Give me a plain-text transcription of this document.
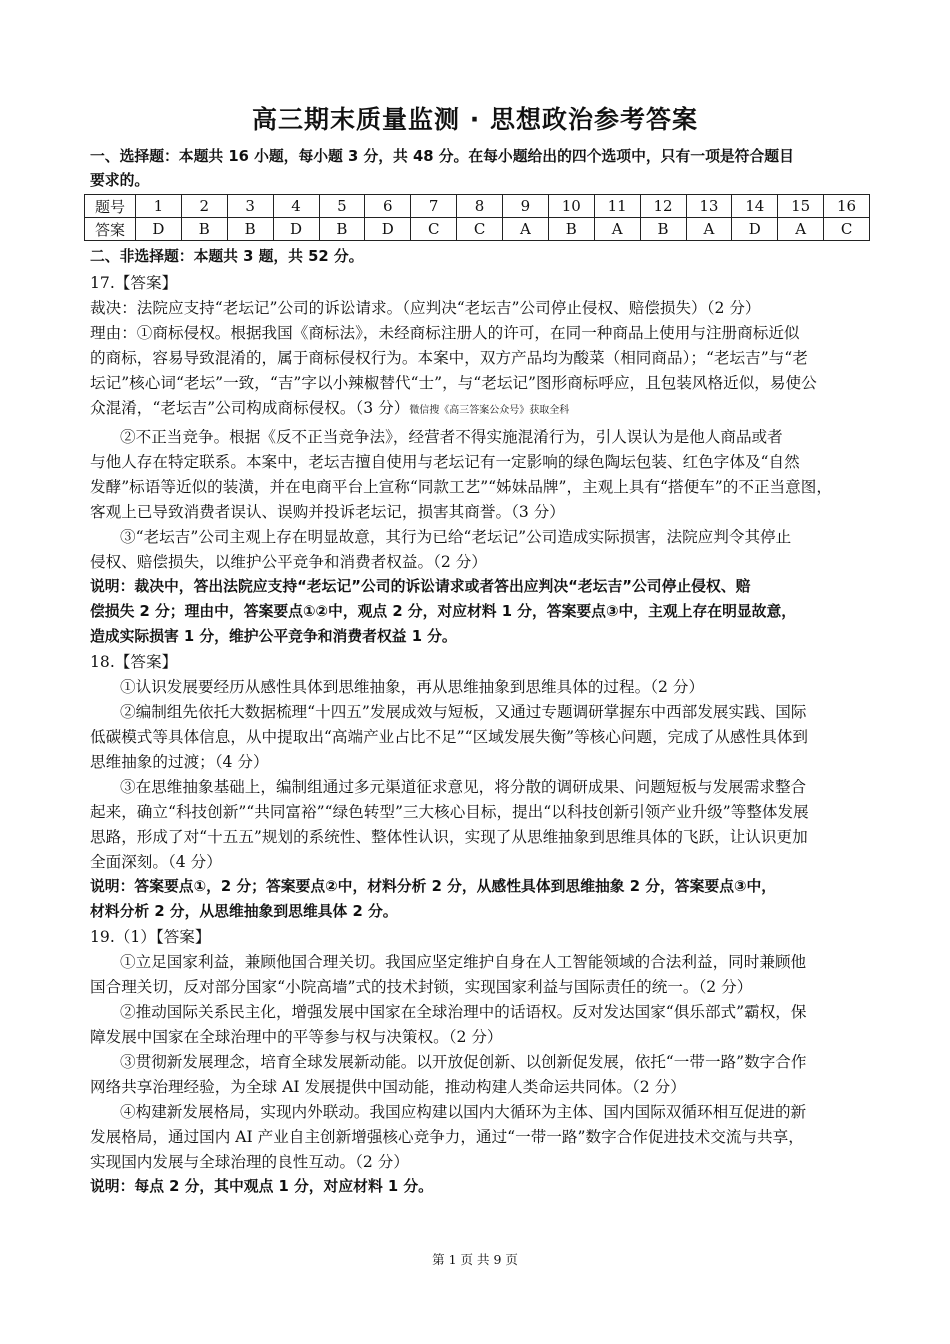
高三期末质量监测 · 思想政治参考答案
一、选择题：本题共 16 小题，每小题 3 分，共 48 分。在每小题给出的四个选项中，只有一项是符合题目
要求的。
题号	1	2	3	4	5	6	7	8	9	10	11	12	13	14	15	16
答案	D	B	B	D	B	D	C	C	A	B	A	B	A	D	A	C
二、非选择题：本题共 3 题，共 52 分。
17.【答案】
裁决：法院应支持“老坛记”公司的诉讼请求。（应判决“老坛吉”公司停止侵权、赔偿损失）（2 分）
理由：①商标侵权。根据我国《商标法》，未经商标注册人的许可，在同一种商品上使用与注册商标近似
的商标，容易导致混淆的，属于商标侵权行为。本案中，双方产品均为酸菜（相同商品）；“老坛吉”与“老
坛记”核心词“老坛”一致，“吉”字以小辣椒替代“士”，与“老坛记”图形商标呼应，且包装风格近似，易使公
众混淆，“老坛吉”公司构成商标侵权。（3 分）微信搜《高三答案公众号》获取全科
②不正当竞争。根据《反不正当竞争法》，经营者不得实施混淆行为，引人误认为是他人商品或者
与他人存在特定联系。本案中，老坛吉擅自使用与老坛记有一定影响的绿色陶坛包装、红色字体及“自然
发酵”标语等近似的装潢，并在电商平台上宣称“同款工艺”“姊妹品牌”，主观上具有“搭便车”的不正当意图，
客观上已导致消费者误认、误购并投诉老坛记，损害其商誉。（3 分）
③“老坛吉”公司主观上存在明显故意，其行为已给“老坛记”公司造成实际损害，法院应判令其停止
侵权、赔偿损失，以维护公平竞争和消费者权益。（2 分）
说明：裁决中，答出法院应支持“老坛记”公司的诉讼请求或者答出应判决“老坛吉”公司停止侵权、赔
偿损失 2 分；理由中，答案要点①②中，观点 2 分，对应材料 1 分，答案要点③中，主观上存在明显故意，
造成实际损害 1 分，维护公平竞争和消费者权益 1 分。
18.【答案】
①认识发展要经历从感性具体到思维抽象，再从思维抽象到思维具体的过程。（2 分）
②编制组先依托大数据梳理“十四五”发展成效与短板，又通过专题调研掌握东中西部发展实践、国际
低碳模式等具体信息，从中提取出“高端产业占比不足”“区域发展失衡”等核心问题，完成了从感性具体到
思维抽象的过渡；（4 分）
③在思维抽象基础上，编制组通过多元渠道征求意见，将分散的调研成果、问题短板与发展需求整合
起来，确立“科技创新”“共同富裕”“绿色转型”三大核心目标，提出“以科技创新引领产业升级”等整体发展
思路，形成了对“十五五”规划的系统性、整体性认识，实现了从思维抽象到思维具体的飞跃，让认识更加
全面深刻。（4 分）
说明：答案要点①，2 分；答案要点②中，材料分析 2 分，从感性具体到思维抽象 2 分，答案要点③中，
材料分析 2 分，从思维抽象到思维具体 2 分。
19.（1）【答案】
①立足国家利益，兼顾他国合理关切。我国应坚定维护自身在人工智能领域的合法利益，同时兼顾他
国合理关切，反对部分国家“小院高墙”式的技术封锁，实现国家利益与国际责任的统一。（2 分）
②推动国际关系民主化，增强发展中国家在全球治理中的话语权。反对发达国家“俱乐部式”霸权，保
障发展中国家在全球治理中的平等参与权与决策权。（2 分）
③贯彻新发展理念，培育全球发展新动能。以开放促创新、以创新促发展，依托“一带一路”数字合作
网络共享治理经验，为全球 AI 发展提供中国动能，推动构建人类命运共同体。（2 分）
④构建新发展格局，实现内外联动。我国应构建以国内大循环为主体、国内国际双循环相互促进的新
发展格局，通过国内 AI 产业自主创新增强核心竞争力，通过“一带一路”数字合作促进技术交流与共享，
实现国内发展与全球治理的良性互动。（2 分）
说明：每点 2 分，其中观点 1 分，对应材料 1 分。
第 1 页 共 9 页
